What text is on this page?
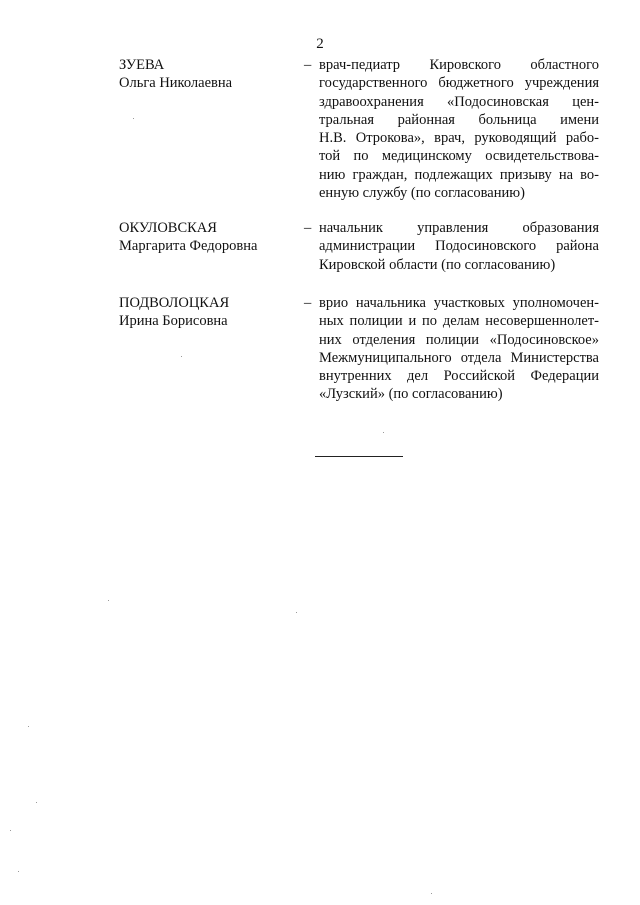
2
ЗУЕВА
Ольга Николаевна
– врач-педиатр Кировского областного
государственного бюджетного учреждения
здравоохранения «Подосиновская цен-
тральная районная больница имени
Н.В. Отрокова», врач, руководящий рабо-
той по медицинскому освидетельствова-
нию граждан, подлежащих призыву на во-
енную службу (по согласованию)
ОКУЛОВСКАЯ
Маргарита Федоровна
– начальник управления образования
администрации Подосиновского района
Кировской области (по согласованию)
ПОДВОЛОЦКАЯ
Ирина Борисовна
– врио начальника участковых уполномочен-
ных полиции и по делам несовершеннолет-
них отделения полиции «Подосиновское»
Межмуниципального отдела Министерства
внутренних дел Российской Федерации
«Лузский» (по согласованию)
